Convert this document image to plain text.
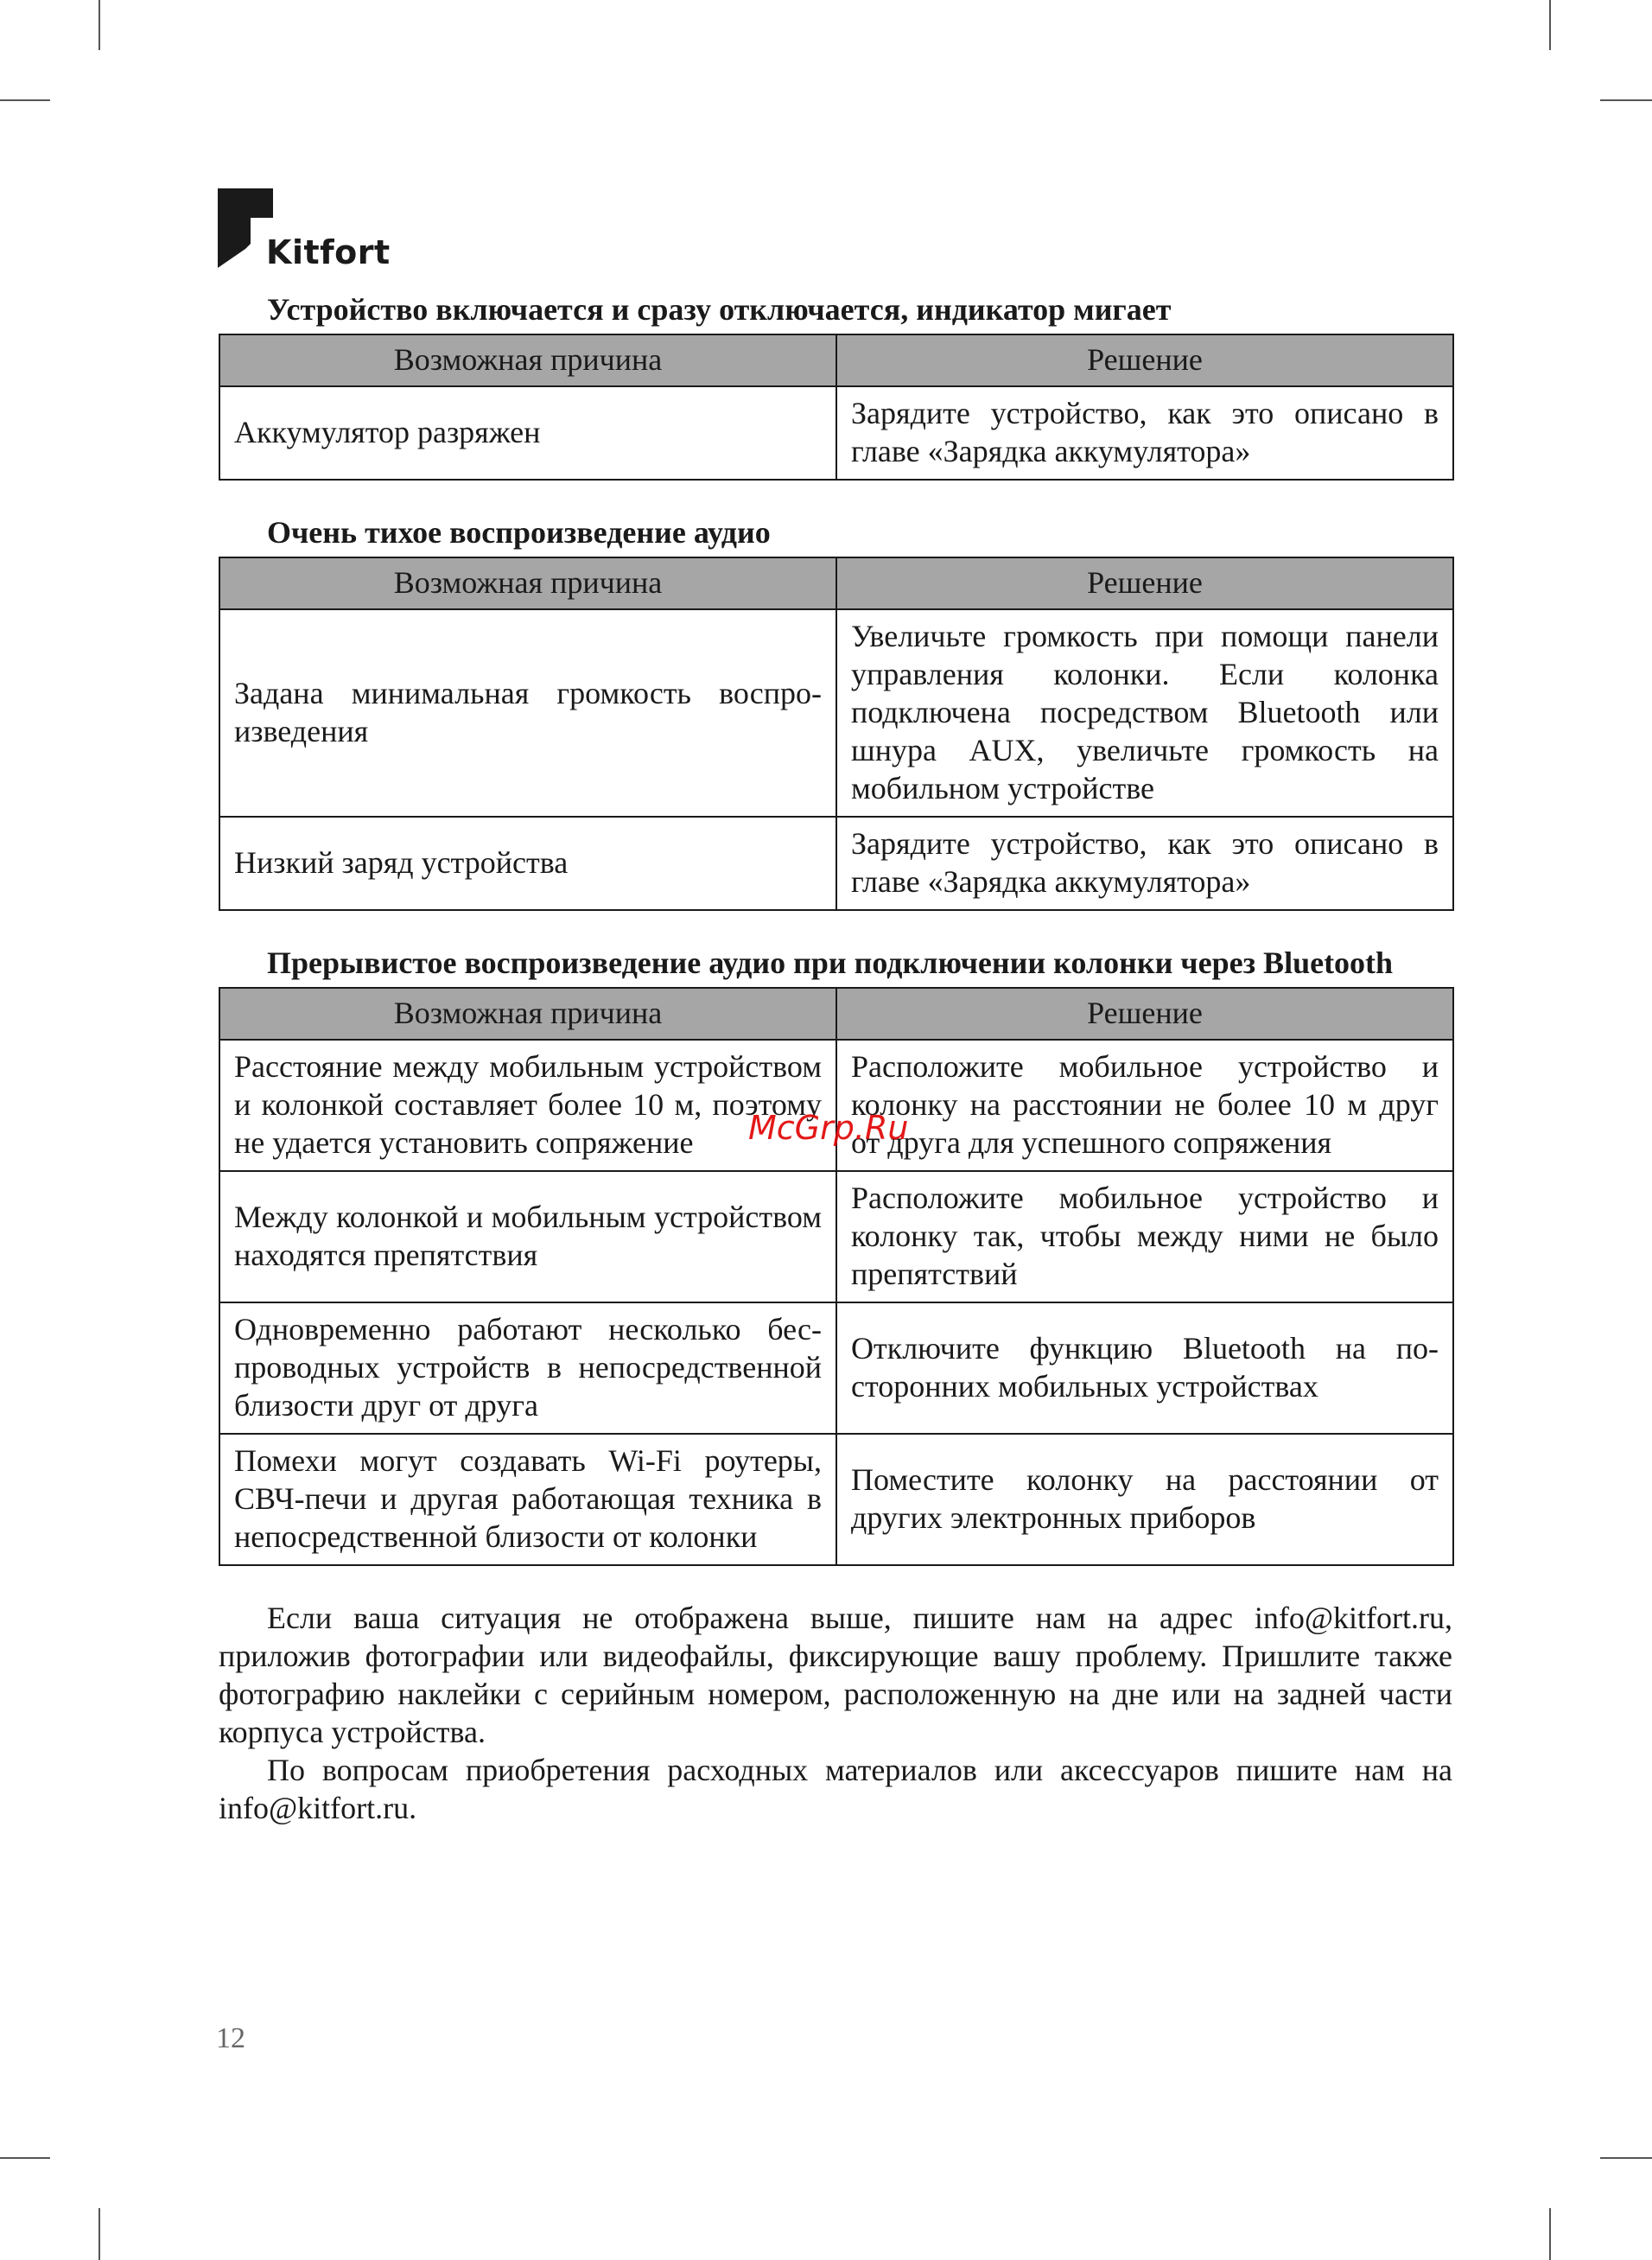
Kitfort

Устройство включается и сразу отключается, индикатор мигает

Возможная причина	Решение
Аккумулятор разряжен	Зарядите устройство, как это описано в главе «Зарядка аккумулятора»

Очень тихое воспроизведение аудио

Возможная причина	Решение
Задана минимальная громкость воспроизведения	Увеличьте громкость при помощи панели управления колонки. Если колонка подключена посредством Bluetooth или шнура AUX, увеличьте громкость на мобильном устройстве
Низкий заряд устройства	Зарядите устройство, как это описано в главе «Зарядка аккумулятора»

Прерывистое воспроизведение аудио при подключении колонки через Bluetooth

Возможная причина	Решение
Расстояние между мобильным устройством и колонкой составляет более 10 м, поэтому не удается установить сопряжение	Расположите мобильное устройство и колонку на расстоянии не более 10 м друг от друга для успешного сопряжения
Между колонкой и мобильным устройством находятся препятствия	Расположите мобильное устройство и колонку так, чтобы между ними не было препятствий
Одновременно работают несколько беспроводных устройств в непосредственной близости друг от друга	Отключите функцию Bluetooth на посторонних мобильных устройствах
Помехи могут создавать Wi-Fi роутеры, СВЧ-печи и другая работающая техника в непосредственной близости от колонки	Поместите колонку на расстоянии от других электронных приборов

Если ваша ситуация не отображена выше, пишите нам на адрес info@kitfort.ru, приложив фотографии или видеофайлы, фиксирующие вашу проблему. Пришлите также фотографию наклейки с серийным номером, расположенную на дне или на задней части корпуса устройства.

По вопросам приобретения расходных материалов или аксессуаров пишите нам на info@kitfort.ru.

McGrp.Ru
12
